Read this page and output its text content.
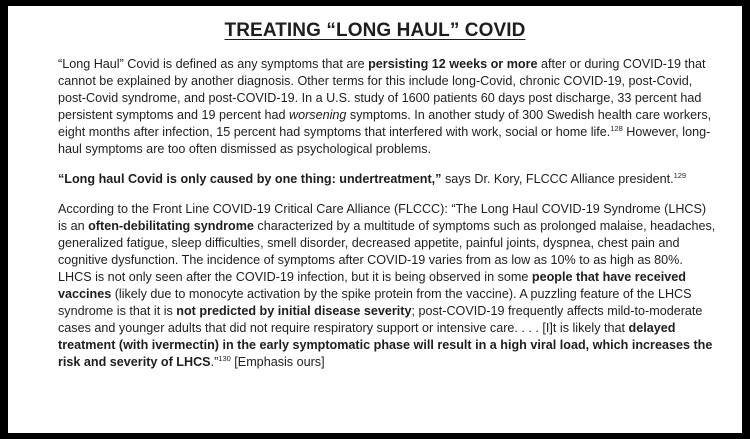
TREATING “LONG HAUL” COVID

“Long Haul” Covid is defined as any symptoms that are persisting 12 weeks or more after or during COVID-19 that cannot be explained by another diagnosis. Other terms for this include long-Covid, chronic COVID-19, post-Covid, post-Covid syndrome, and post-COVID-19. In a U.S. study of 1600 patients 60 days post discharge, 33 percent had persistent symptoms and 19 percent had worsening symptoms. In another study of 300 Swedish health care workers, eight months after infection, 15 percent had symptoms that interfered with work, social or home life.$^{128}$ However, long-haul symptoms are too often dismissed as psychological problems.

“Long haul Covid is only caused by one thing: undertreatment,” says Dr. Kory, FLCCC Alliance president.$^{129}$

According to the Front Line COVID-19 Critical Care Alliance (FLCCC): “The Long Haul COVID-19 Syndrome (LHCS) is an often-debilitating syndrome characterized by a multitude of symptoms such as prolonged malaise, headaches, generalized fatigue, sleep difficulties, smell disorder, decreased appetite, painful joints, dyspnea, chest pain and cognitive dysfunction. The incidence of symptoms after COVID-19 varies from as low as 10% to as high as 80%. LHCS is not only seen after the COVID-19 infection, but it is being observed in some people that have received vaccines (likely due to monocyte activation by the spike protein from the vaccine). A puzzling feature of the LHCS syndrome is that it is not predicted by initial disease severity; post-COVID-19 frequently affects mild-to-moderate cases and younger adults that did not require respiratory support or intensive care. . . . [I]t is likely that delayed treatment (with ivermectin) in the early symptomatic phase will result in a high viral load, which increases the risk and severity of LHCS.”$^{130}$ [Emphasis ours]
